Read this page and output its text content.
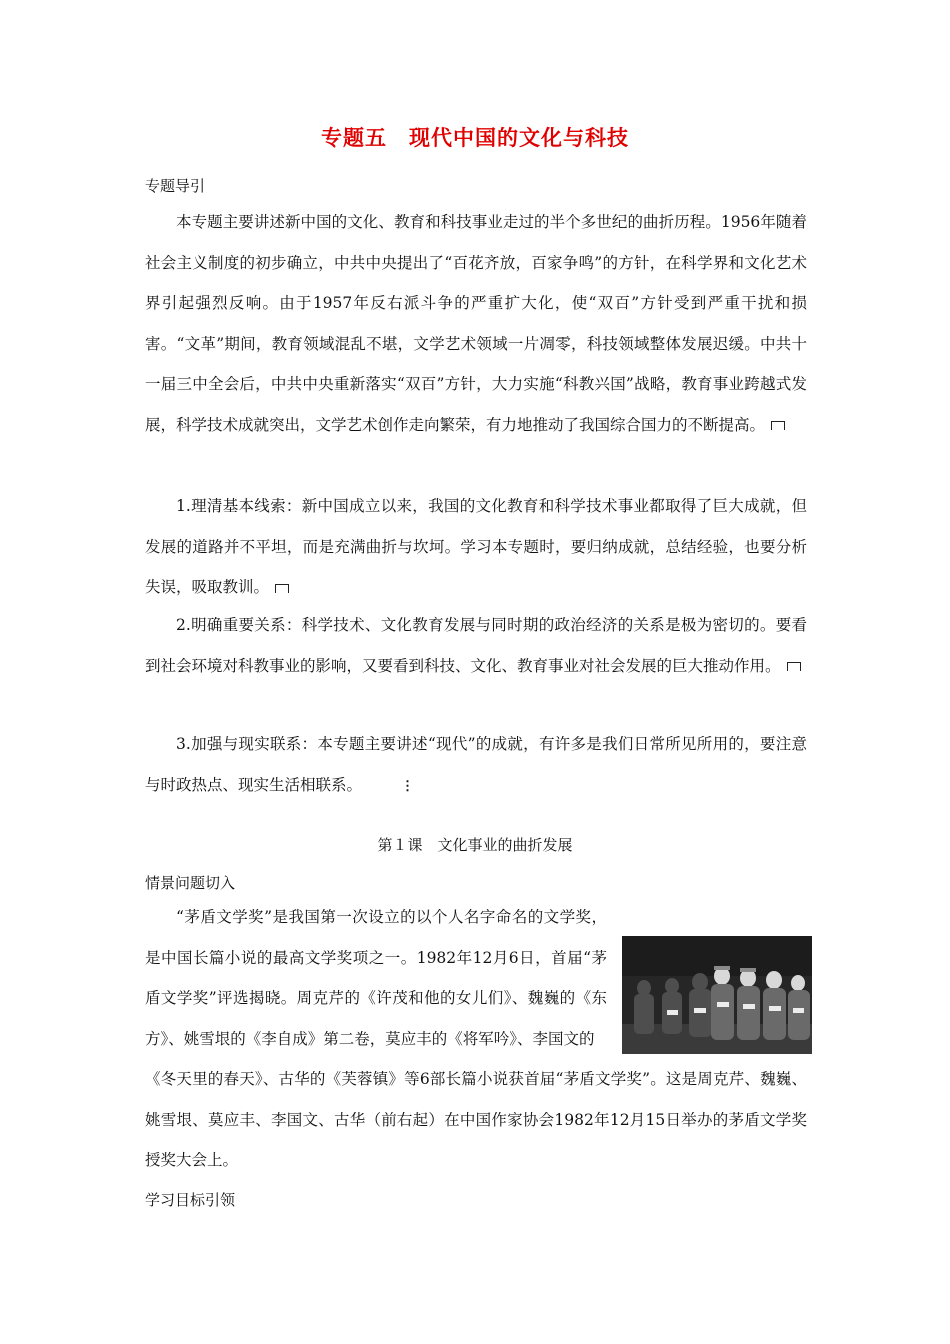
专题五　现代中国的文化与科技
专题导引
本专题主要讲述新中国的文化、教育和科技事业走过的半个多世纪的曲折历程。1956年随着社会主义制度的初步确立，中共中央提出了“百花齐放，百家争鸣”的方针，在科学界和文化艺术界引起强烈反响。由于1957年反右派斗争的严重扩大化，使“双百”方针受到严重干扰和损害。“文革”期间，教育领域混乱不堪，文学艺术领域一片凋零，科技领域整体发展迟缓。中共十一届三中全会后，中共中央重新落实“双百”方针，大力实施“科教兴国”战略，教育事业跨越式发展，科学技术成就突出，文学艺术创作走向繁荣，有力地推动了我国综合国力的不断提高。
1.理清基本线索：新中国成立以来，我国的文化教育和科学技术事业都取得了巨大成就，但发展的道路并不平坦，而是充满曲折与坎坷。学习本专题时，要归纳成就，总结经验，也要分析失误，吸取教训。
2.明确重要关系：科学技术、文化教育发展与同时期的政治经济的关系是极为密切的。要看到社会环境对科教事业的影响，又要看到科技、文化、教育事业对社会发展的巨大推动作用。
3.加强与现实联系：本专题主要讲述“现代”的成就，有许多是我们日常所见所用的，要注意与时政热点、现实生活相联系。	⋮
第１课　文化事业的曲折发展
情景问题切入
“茅盾文学奖”是我国第一次设立的以个人名字命名的文学奖，是中国长篇小说的最高文学奖项之一。1982年12月6日，首届“茅盾文学奖”评选揭晓。周克芹的《许茂和他的女儿们》、魏巍的《东方》、姚雪垠的《李自成》第二卷，莫应丰的《将军吟》、李国文的
《冬天里的春天》、古华的《芙蓉镇》等6部长篇小说获首届“茅盾文学奖”。这是周克芹、魏巍、姚雪垠、莫应丰、李国文、古华（前右起）在中国作家协会1982年12月15日举办的茅盾文学奖授奖大会上。
学习目标引领
